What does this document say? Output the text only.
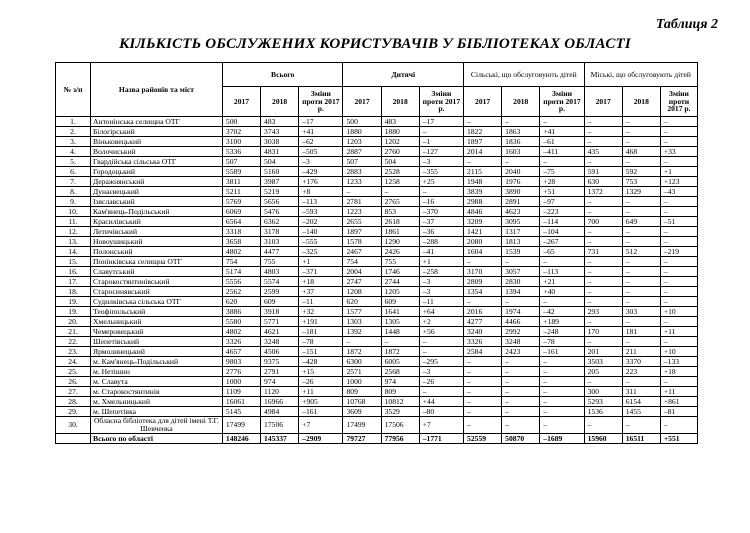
Таблиця 2
КІЛЬКІСТЬ ОБСЛУЖЕНИХ КОРИСТУВАЧІВ У БІБЛІОТЕКАХ ОБЛАСТІ
№ з/п	Назва районів та міст	Всього			Дитячі			Сільські, що обслуговують дітей			Міські, що обслуговують дітей		
		2017	2018	Зміни проти 2017 р.	2017	2018	Зміни проти 2017 р.	2017	2018	Зміни проти 2017 р.	2017	2018	Зміни проти 2017 р.
1.	Антонінська селищна ОТГ	500	483	–17	500	483	–17	–	–	–	–	–	–
2.	Білогірський	3702	3743	+41	1880	1880	–	1822	1863	+41	–	–	–
3.	Віньковецький	3100	3038	–62	1203	1202	–1	1897	1836	–61	–	–	–
4.	Волочиський	5336	4831	–505	2887	2760	–127	2014	1603	–411	435	468	+33
5.	Гвардійська сільська ОТГ	507	504	–3	507	504	–3	–	–	–	–	–	–
6.	Городоцький	5589	5160	–429	2883	2528	–355	2115	2040	–75	591	592	+1
7.	Деражнянський	3811	3987	+176	1233	1258	+25	1948	1976	+28	630	753	+123
8.	Дунаєвецький	5211	5219	+8	–	–	–	3839	3890	+51	1372	1329	–43
9.	Ізяславський	5769	5656	–113	2781	2765	–16	2988	2891	–97	–	–	–
10.	Кам'янець-Подільський	6069	5476	–593	1223	853	–370	4846	4623	–223	–	–	–
11.	Красилівський	6564	6362	–202	2655	2618	–37	3209	3095	–114	700	649	–51
12.	Летичівський	3318	3178	–140	1897	1861	–36	1421	1317	–104	–	–	–
13.	Новоушицький	3658	3103	–555	1578	1290	–288	2080	1813	–267	–	–	–
14.	Полонський	4802	4477	–325	2467	2426	–41	1604	1539	–65	731	512	–219
15.	Понінківська селищна ОТГ	754	755	+1	754	755	+1	–	–	–	–	–	–
16.	Славутський	5174	4803	–371	2004	1746	–258	3170	3057	–113	–	–	–
17.	Старокостянтинівський	5556	5574	+18	2747	2744	–3	2809	2830	+21	–	–	–
18.	Старосинявський	2562	2599	+37	1208	1205	–3	1354	1394	+40	–	–	–
19.	Судилківська сільська ОТГ	620	609	–11	620	609	–11	–	–	–	–	–	–
19.	Теофіпольський	3886	3918	+32	1577	1641	+64	2016	1974	–42	293	303	+10
20.	Хмельницький	5580	5771	+191	1303	1305	+2	4277	4466	+189	–	–	–
21.	Чемеровецький	4802	4621	–181	1392	1448	+56	3240	2992	–248	170	181	+11
22.	Шепетівський	3326	3248	–78	–	–	–	3326	3248	–78	–	–	–
23.	Ярмолинецький	4657	4506	–151	1872	1872	–	2584	2423	–161	201	211	+10
24.	м. Кам'янець-Подільський	9803	9375	–428	6300	6005	–295	–	–	–	3503	3370	–133
25.	м. Нетішин	2776	2791	+15	2571	2568	–3	–	–	–	205	223	+18
26.	м. Славута	1000	974	–26	1000	974	–26	–	–	–	–	–	–
27.	м. Старокостянтинів	1109	1120	+11	809	809	–	–	–	–	300	311	+11
28.	м. Хмельницький	16061	16966	+905	10768	10812	+44	–	–	–	5293	6154	+861
29.	м. Шепетівка	5145	4984	–161	3609	3529	–80	–	–	–	1536	1455	–81
30.	Обласна бібліотека для дітей імені Т.Г. Шевченка	17499	17506	+7	17499	17506	+7	–	–	–	–	–	–
	Всього по області	148246	145337	–2909	79727	77956	–1771	52559	50870	–1689	15960	16511	+551
